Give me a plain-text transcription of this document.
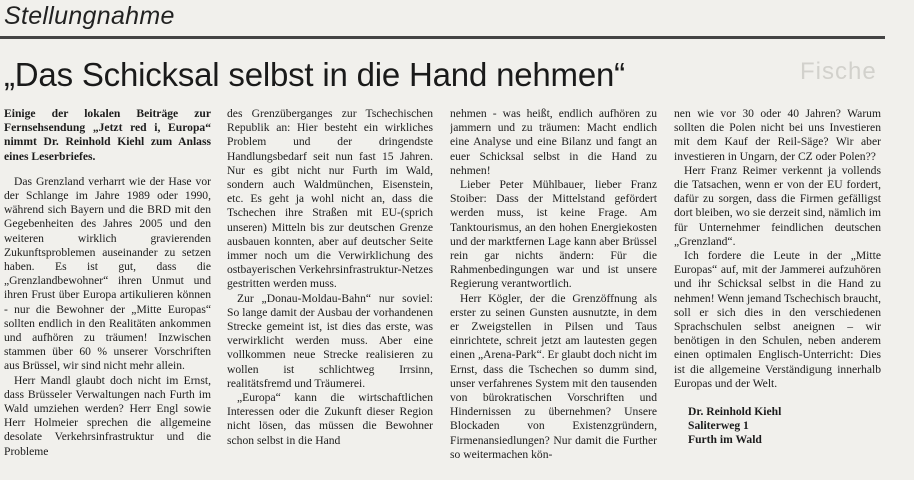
Stellungnahme
Fische
„Das Schicksal selbst in die Hand nehmen“

Einige der lokalen Beiträge zur Fernsehsendung „Jetzt red i, Europa“ nimmt Dr. Reinhold Kiehl zum Anlass eines Leserbriefes.

Das Grenzland verharrt wie der Hase vor der Schlange im Jahre 1989 oder 1990, während sich Bayern und die BRD mit den Gegebenheiten des Jahres 2005 und den weiteren wirklich gravierenden Zukunftsproblemen auseinander zu setzen haben. Es ist gut, dass die „Grenzlandbewohner“ ihren Unmut und ihren Frust über Europa artikulieren können - nur die Bewohner der „Mitte Europas“ sollten endlich in den Realitäten ankommen und aufhören zu träumen! Inzwischen stammen über 60 % unserer Vorschriften aus Brüssel, wir sind nicht mehr allein.

Herr Mandl glaubt doch nicht im Ernst, dass Brüsseler Verwaltungen nach Furth im Wald umziehen werden? Herr Engl sowie Herr Holmeier sprechen die allgemeine desolate Verkehrsinfrastruktur und die Probleme

des Grenzüberganges zur Tschechischen Republik an: Hier besteht ein wirkliches Problem und der dringendste Handlungsbedarf seit nun fast 15 Jahren. Nur es gibt nicht nur Furth im Wald, sondern auch Waldmünchen, Eisenstein, etc. Es geht ja wohl nicht an, dass die Tschechen ihre Straßen mit EU-(sprich unseren) Mitteln bis zur deutschen Grenze ausbauen konnten, aber auf deutscher Seite immer noch um die Verwirklichung des ostbayerischen Verkehrsinfrastruktur-Netzes gestritten werden muss.

Zur „Donau-Moldau-Bahn“ nur soviel: So lange damit der Ausbau der vorhandenen Strecke gemeint ist, ist dies das erste, was verwirklicht werden muss. Aber eine vollkommen neue Strecke realisieren zu wollen ist schlichtweg Irrsinn, realitätsfremd und Träumerei.

„Europa“ kann die wirtschaftlichen Interessen oder die Zukunft dieser Region nicht lösen, das müssen die Bewohner schon selbst in die Hand

nehmen - was heißt, endlich aufhören zu jammern und zu träumen: Macht endlich eine Analyse und eine Bilanz und fangt an euer Schicksal selbst in die Hand zu nehmen!

Lieber Peter Mühlbauer, lieber Franz Stoiber: Dass der Mittelstand gefördert werden muss, ist keine Frage. Am Tanktourismus, an den hohen Energiekosten und der marktfernen Lage kann aber Brüssel rein gar nichts ändern: Für die Rahmenbedingungen war und ist unsere Regierung verantwortlich.

Herr Kögler, der die Grenzöffnung als erster zu seinen Gunsten ausnutzte, in dem er Zweigstellen in Pilsen und Taus einrichtete, schreit jetzt am lautesten gegen einen „Arena-Park“. Er glaubt doch nicht im Ernst, dass die Tschechen so dumm sind, unser verfahrenes System mit den tausenden von bürokratischen Vorschriften und Hindernissen zu übernehmen? Unsere Blockaden von Existenzgründern, Firmenansiedlungen? Nur damit die Further so weitermachen kön-

nen wie vor 30 oder 40 Jahren? Warum sollten die Polen nicht bei uns Investieren mit dem Kauf der Reil-Säge? Wir aber investieren in Ungarn, der CZ oder Polen??

Herr Franz Reimer verkennt ja vollends die Tatsachen, wenn er von der EU fordert, dafür zu sorgen, dass die Firmen gefälligst dort bleiben, wo sie derzeit sind, nämlich im für Unternehmer feindlichen deutschen „Grenzland“.

Ich fordere die Leute in der „Mitte Europas“ auf, mit der Jammerei aufzuhören und ihr Schicksal selbst in die Hand zu nehmen! Wenn jemand Tschechisch braucht, soll er sich dies in den verschiedenen Sprachschulen selbst aneignen – wir benötigen in den Schulen, neben anderem einen optimalen Englisch-Unterricht: Dies ist die allgemeine Verständigung innerhalb Europas und der Welt.

Dr. Reinhold Kiehl
Saliterweg 1
Furth im Wald
